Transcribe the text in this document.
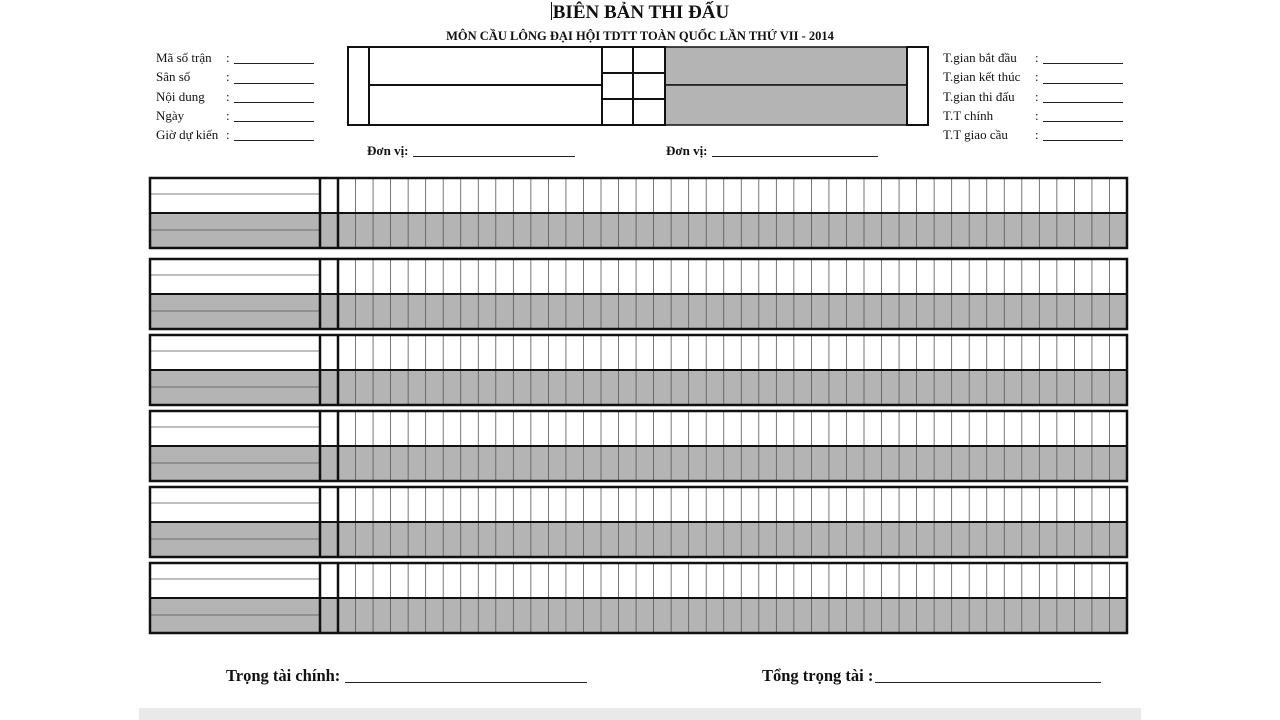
BIÊN BẢN THI ĐẤU
MÔN CẦU LÔNG ĐẠI HỘI TDTT TOÀN QUỐC LẦN THỨ VII - 2014
Mã số trận	:
Sân số	:
Nội dung	:
Ngày	:
Giờ dự kiến :
T.gian bắt đầu	:
T.gian kết thúc	:
T.gian thi đấu	:
T.T chính	:
T.T giao cầu	:
Đơn vị:	Đơn vị:
Trọng tài chính:	Tổng trọng tài :
